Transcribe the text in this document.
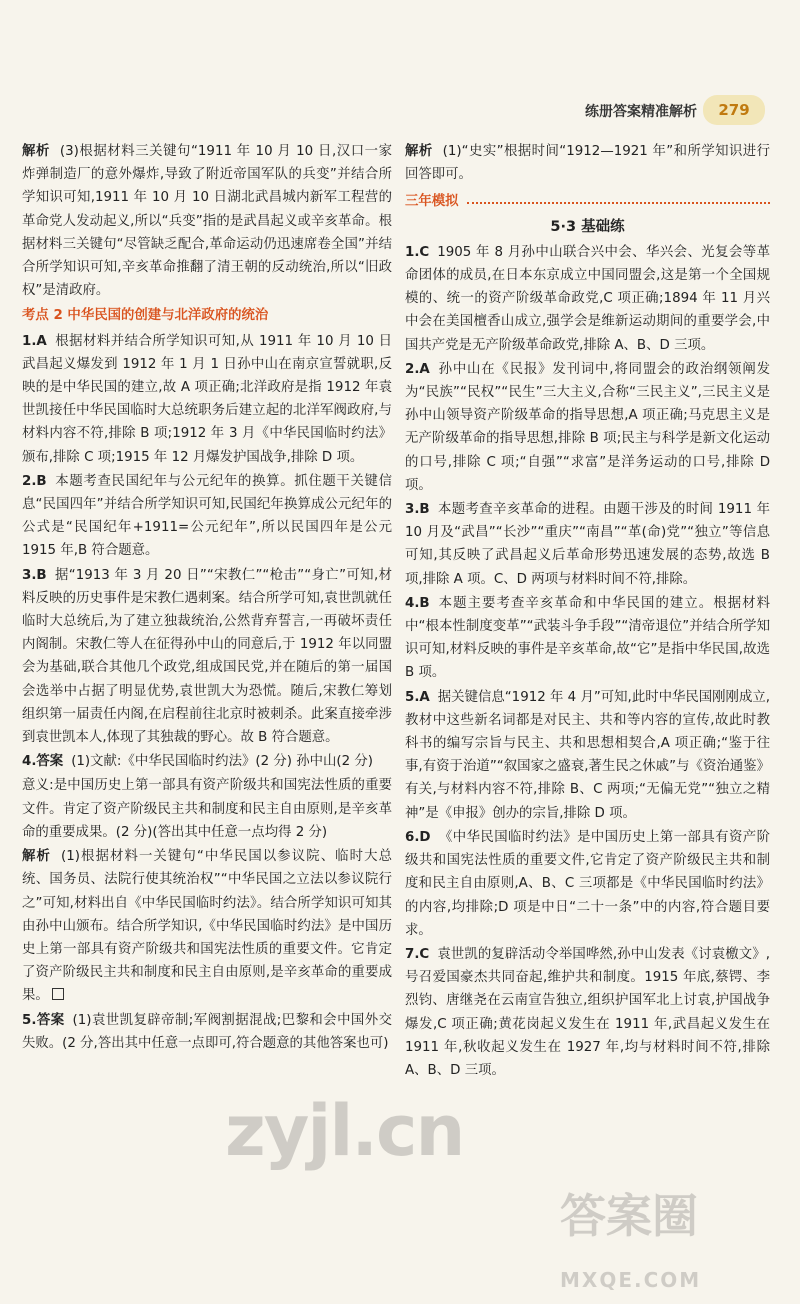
练册答案精准解析	279

解析 (3)根据材料三关键句“1911 年 10 月 10 日,汉口一家炸弹制造厂的意外爆炸,导致了附近帝国军队的兵变”并结合所学知识可知,1911 年 10 月 10 日湖北武昌城内新军工程营的革命党人发动起义,所以“兵变”指的是武昌起义或辛亥革命。根据材料三关键句“尽管缺乏配合,革命运动仍迅速席卷全国”并结合所学知识可知,辛亥革命推翻了清王朝的反动统治,所以“旧政权”是清政府。

考点 2 中华民国的创建与北洋政府的统治

1.A 根据材料并结合所学知识可知,从 1911 年 10 月 10 日武昌起义爆发到 1912 年 1 月 1 日孙中山在南京宣誓就职,反映的是中华民国的建立,故 A 项正确;北洋政府是指 1912 年袁世凯接任中华民国临时大总统职务后建立起的北洋军阀政府,与材料内容不符,排除 B 项;1912 年 3 月《中华民国临时约法》颁布,排除 C 项;1915 年 12 月爆发护国战争,排除 D 项。

2.B 本题考查民国纪年与公元纪年的换算。抓住题干关键信息“民国四年”并结合所学知识可知,民国纪年换算成公元纪年的公式是“民国纪年+1911=公元纪年”,所以民国四年是公元 1915 年,B 符合题意。

3.B 据“1913 年 3 月 20 日”“宋教仁”“枪击”“身亡”可知,材料反映的历史事件是宋教仁遇刺案。结合所学可知,袁世凯就任临时大总统后,为了建立独裁统治,公然背弃誓言,一再破坏责任内阁制。宋教仁等人在征得孙中山的同意后,于 1912 年以同盟会为基础,联合其他几个政党,组成国民党,并在随后的第一届国会选举中占据了明显优势,袁世凯大为恐慌。随后,宋教仁筹划组织第一届责任内阁,在启程前往北京时被刺杀。此案直接牵涉到袁世凯本人,体现了其独裁的野心。故 B 符合题意。

4.答案 (1)文献:《中华民国临时约法》(2 分) 孙中山(2 分)

意义:是中国历史上第一部具有资产阶级共和国宪法性质的重要文件。肯定了资产阶级民主共和制度和民主自由原则,是辛亥革命的重要成果。(2 分)(答出其中任意一点均得 2 分)

解析 (1)根据材料一关键句“中华民国以参议院、临时大总统、国务员、法院行使其统治权”“中华民国之立法以参议院行之”可知,材料出自《中华民国临时约法》。结合所学知识可知其由孙中山颁布。结合所学知识,《中华民国临时约法》是中国历史上第一部具有资产阶级共和国宪法性质的重要文件。它肯定了资产阶级民主共和制度和民主自由原则,是辛亥革命的重要成果。

5.答案 (1)袁世凯复辟帝制;军阀割据混战;巴黎和会中国外交失败。(2 分,答出其中任意一点即可,符合题意的其他答案也可)

解析 (1)“史实”根据时间“1912—1921 年”和所学知识进行回答即可。

三年模拟
5·3 基础练

1.C 1905 年 8 月孙中山联合兴中会、华兴会、光复会等革命团体的成员,在日本东京成立中国同盟会,这是第一个全国规模的、统一的资产阶级革命政党,C 项正确;1894 年 11 月兴中会在美国檀香山成立,强学会是维新运动期间的重要学会,中国共产党是无产阶级革命政党,排除 A、B、D 三项。

2.A 孙中山在《民报》发刊词中,将同盟会的政治纲领阐发为“民族”“民权”“民生”三大主义,合称“三民主义”,三民主义是孙中山领导资产阶级革命的指导思想,A 项正确;马克思主义是无产阶级革命的指导思想,排除 B 项;民主与科学是新文化运动的口号,排除 C 项;“自强”“求富”是洋务运动的口号,排除 D 项。

3.B 本题考查辛亥革命的进程。由题干涉及的时间 1911 年 10 月及“武昌”“长沙”“重庆”“南昌”“革(命)党”“独立”等信息可知,其反映了武昌起义后革命形势迅速发展的态势,故选 B 项,排除 A 项。C、D 两项与材料时间不符,排除。

4.B 本题主要考查辛亥革命和中华民国的建立。根据材料中“根本性制度变革”“武装斗争手段”“清帝退位”并结合所学知识可知,材料反映的事件是辛亥革命,故“它”是指中华民国,故选 B 项。

5.A 据关键信息“1912 年 4 月”可知,此时中华民国刚刚成立,教材中这些新名词都是对民主、共和等内容的宣传,故此时教科书的编写宗旨与民主、共和思想相契合,A 项正确;“鉴于往事,有资于治道”“叙国家之盛衰,著生民之休戚”与《资治通鉴》有关,与材料内容不符,排除 B、C 两项;“无偏无党”“独立之精神”是《申报》创办的宗旨,排除 D 项。

6.D 《中华民国临时约法》是中国历史上第一部具有资产阶级共和国宪法性质的重要文件,它肯定了资产阶级民主共和制度和民主自由原则,A、B、C 三项都是《中华民国临时约法》的内容,均排除;D 项是中日“二十一条”中的内容,符合题目要求。

7.C 袁世凯的复辟活动令举国哗然,孙中山发表《讨袁檄文》,号召爱国豪杰共同奋起,维护共和制度。1915 年底,蔡锷、李烈钧、唐继尧在云南宣告独立,组织护国军北上讨袁,护国战争爆发,C 项正确;黄花岗起义发生在 1911 年,武昌起义发生在 1911 年,秋收起义发生在 1927 年,均与材料时间不符,排除 A、B、D 三项。

zyjl.cn
答案圈
MXQE.COM
